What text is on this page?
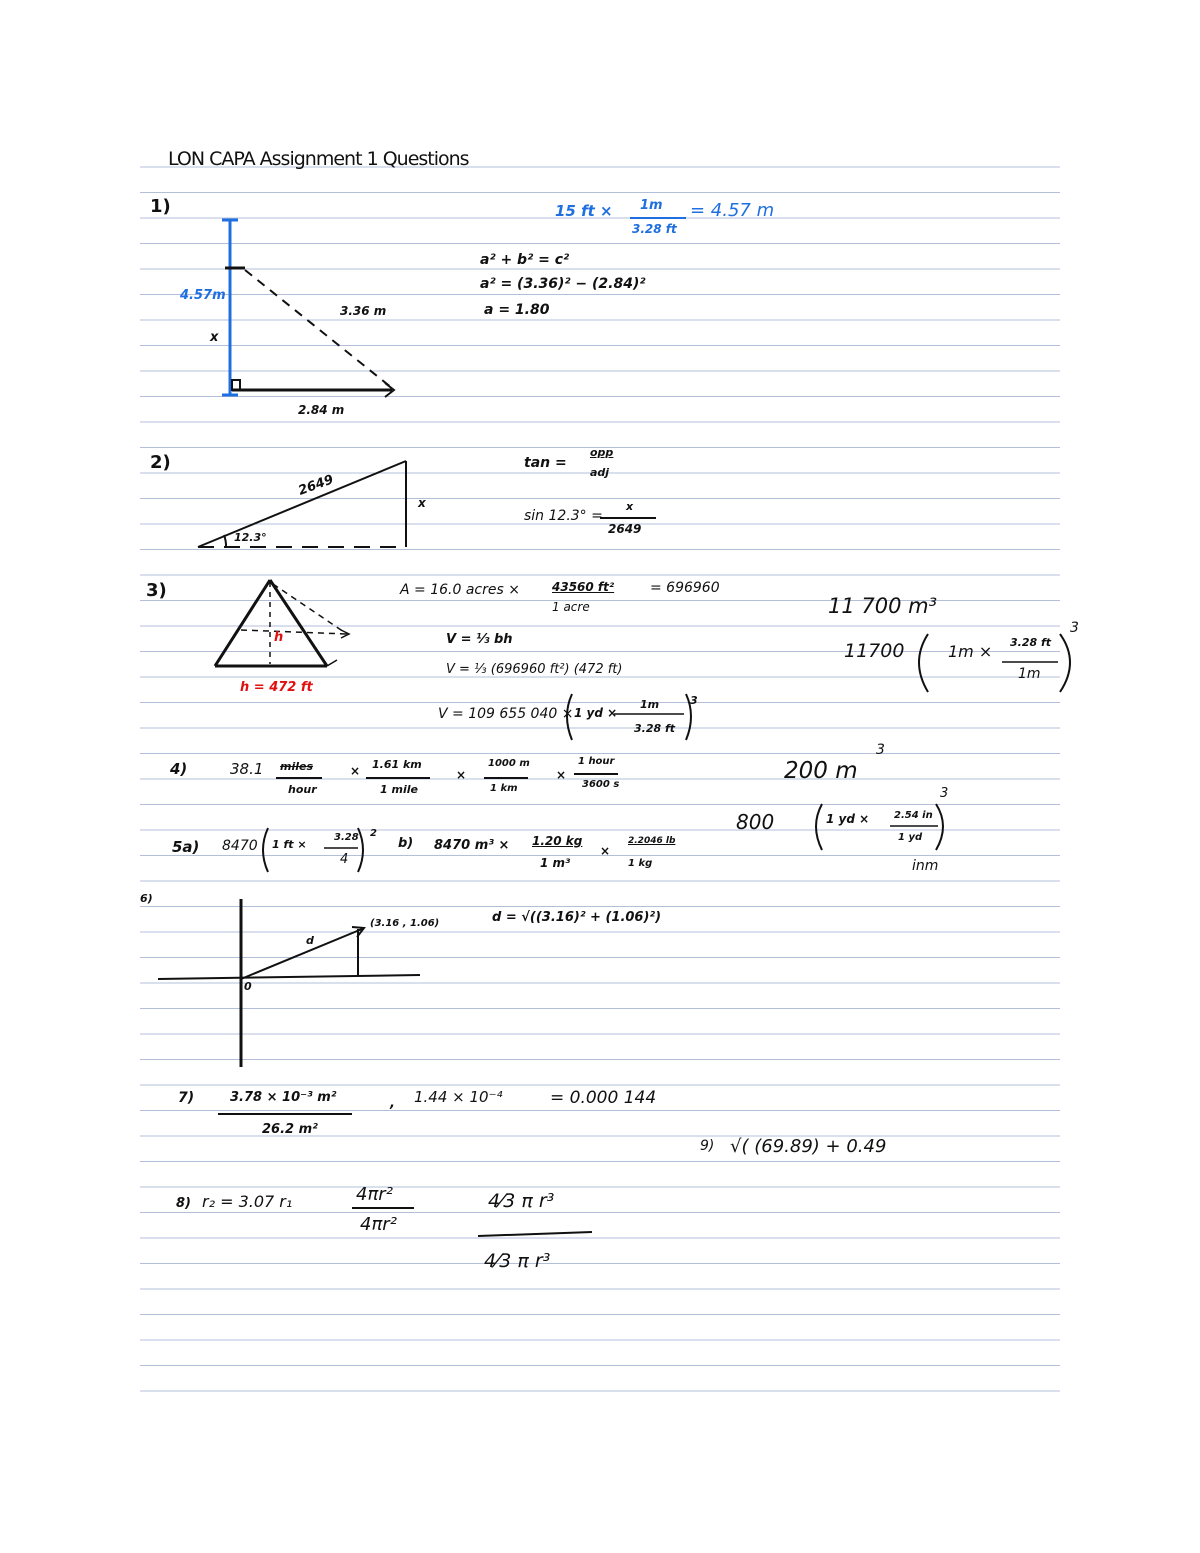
LON CAPA Assignment 1 Questions
1)
4.57m
x
3.36 m
2.84 m
15 ft × 1m
3.28 ft
= 4.57 m
a² + b² = c²
a² = (3.36)² − (2.84)²
a = 1.80
2)
2649
12.3°
x
tan =
opp
adj
sin 12.3° =
x
2649
3)
h
h = 472 ft
A = 16.0 acres ×	43560 ft²
1 acre
= 696960
V = ⅓ bh
V = ⅓ (696960 ft²) (472 ft)
V = 109 655 040 × 1 yd ×
1m
3.28 ft
3
11 700 m³
11700	1m × 3.28 ft
1m
3
4)	38.1 miles
hour
× 1.61 km
1 mile
×
1000 m
1 km
×
1 hour
3600 s
200 m
3
800	1 yd × 2.54 in
1 yd
3
inm
5a) 8470 1 ft ×
3.28
4
2
b) 8470 m³ × 1.20 kg
1 m³
×
2.2046 lb
1 kg
6)
(3.16 , 1.06)
d
0
d = √((3.16)² + (1.06)²)
7)	3.78 × 10⁻³ m²
26.2 m²
, 1.44 × 10⁻⁴	= 0.000 144
9) √( (69.89) + 0.49
8) r₂ = 3.07 r₁	4πr²
4πr²
4⁄3 π r³
4⁄3 π r³
